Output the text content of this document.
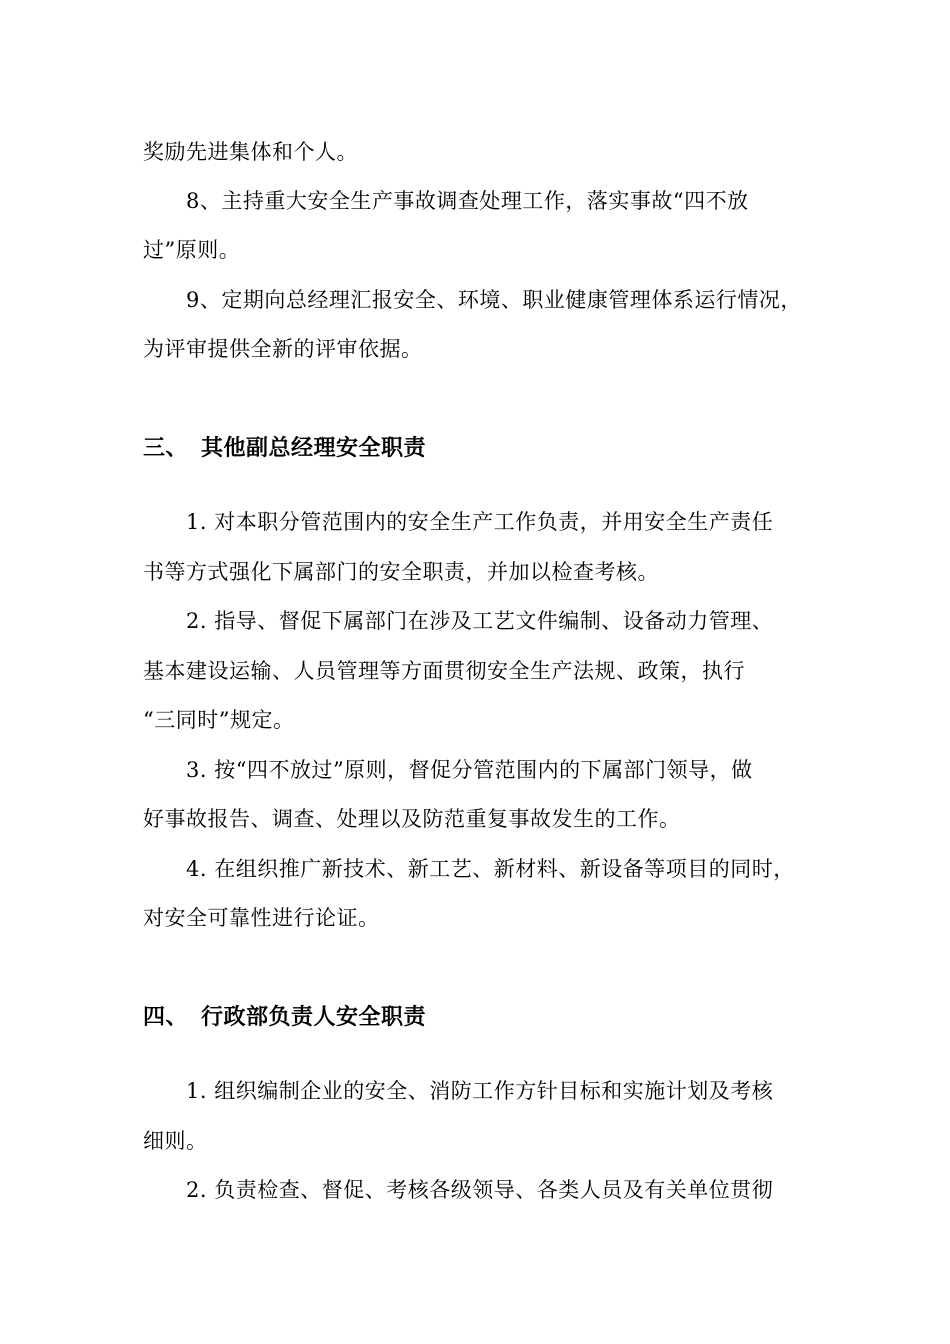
奖励先进集体和个人。
8、主持重大安全生产事故调查处理工作，落实事故“四不放
过”原则。
9、定期向总经理汇报安全、环境、职业健康管理体系运行情况，
为评审提供全新的评审依据。
三、 其他副总经理安全职责
1. 对本职分管范围内的安全生产工作负责，并用安全生产责任
书等方式强化下属部门的安全职责，并加以检查考核。
2. 指导、督促下属部门在涉及工艺文件编制、设备动力管理、
基本建设运输、人员管理等方面贯彻安全生产法规、政策，执行
“三同时”规定。
3. 按“四不放过”原则，督促分管范围内的下属部门领导，做
好事故报告、调查、处理以及防范重复事故发生的工作。
4. 在组织推广新技术、新工艺、新材料、新设备等项目的同时，
对安全可靠性进行论证。
四、 行政部负责人安全职责
1. 组织编制企业的安全、消防工作方针目标和实施计划及考核
细则。
2. 负责检查、督促、考核各级领导、各类人员及有关单位贯彻
